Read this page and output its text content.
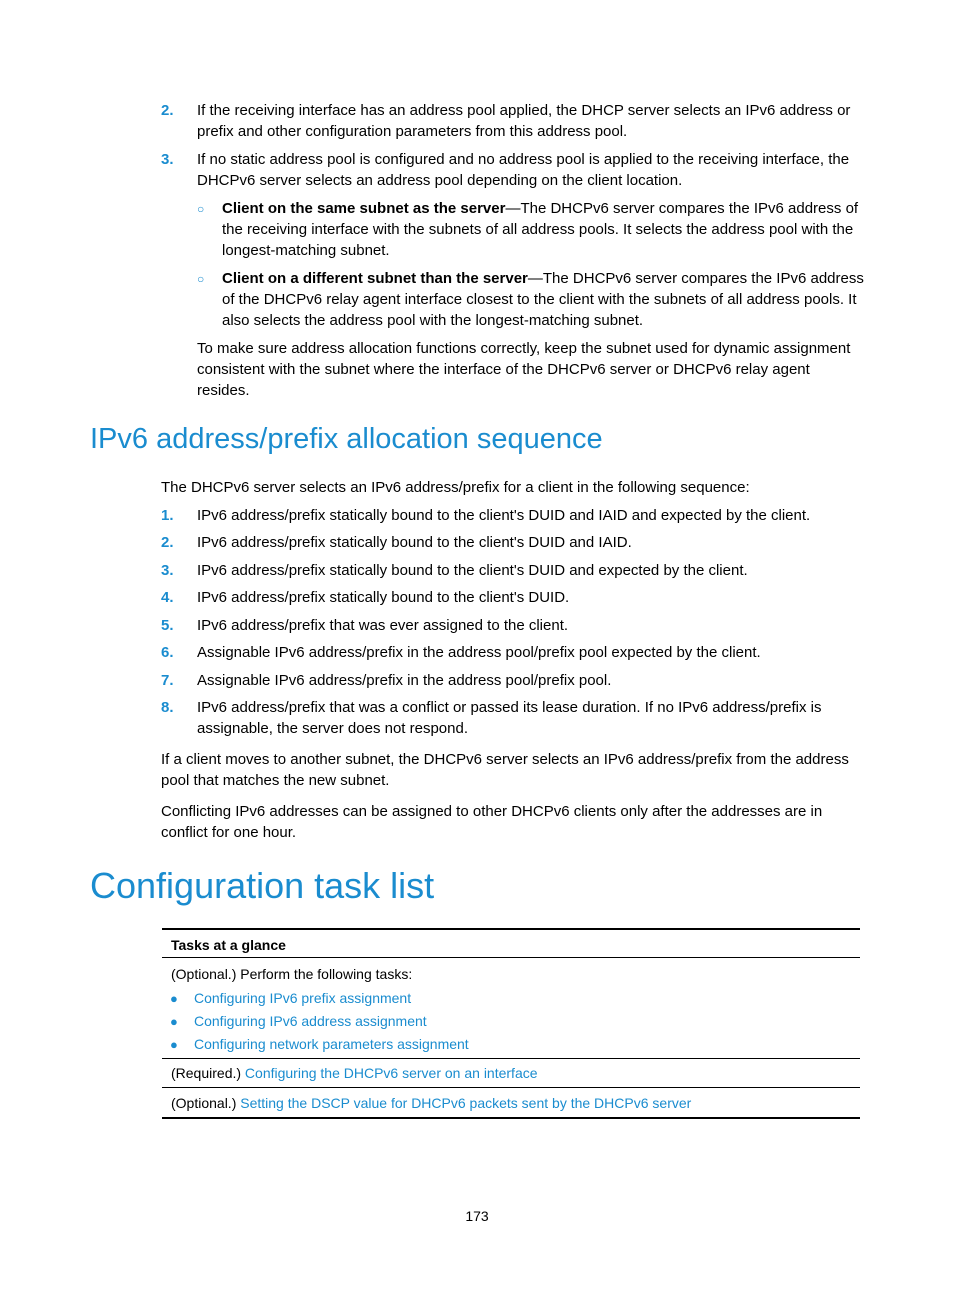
2. If the receiving interface has an address pool applied, the DHCP server selects an IPv6 address or prefix and other configuration parameters from this address pool.
3. If no static address pool is configured and no address pool is applied to the receiving interface, the DHCPv6 server selects an address pool depending on the client location.
○ Client on the same subnet as the server—The DHCPv6 server compares the IPv6 address of the receiving interface with the subnets of all address pools. It selects the address pool with the longest-matching subnet.
○ Client on a different subnet than the server—The DHCPv6 server compares the IPv6 address of the DHCPv6 relay agent interface closest to the client with the subnets of all address pools. It also selects the address pool with the longest-matching subnet.

To make sure address allocation functions correctly, keep the subnet used for dynamic assignment consistent with the subnet where the interface of the DHCPv6 server or DHCPv6 relay agent resides.

IPv6 address/prefix allocation sequence

The DHCPv6 server selects an IPv6 address/prefix for a client in the following sequence:

1. IPv6 address/prefix statically bound to the client's DUID and IAID and expected by the client.
2. IPv6 address/prefix statically bound to the client's DUID and IAID.
3. IPv6 address/prefix statically bound to the client's DUID and expected by the client.
4. IPv6 address/prefix statically bound to the client's DUID.
5. IPv6 address/prefix that was ever assigned to the client.
6. Assignable IPv6 address/prefix in the address pool/prefix pool expected by the client.
7. Assignable IPv6 address/prefix in the address pool/prefix pool.
8. IPv6 address/prefix that was a conflict or passed its lease duration. If no IPv6 address/prefix is assignable, the server does not respond.

If a client moves to another subnet, the DHCPv6 server selects an IPv6 address/prefix from the address pool that matches the new subnet.

Conflicting IPv6 addresses can be assigned to other DHCPv6 clients only after the addresses are in conflict for one hour.

Configuration task list
Tasks at a glance
(Optional.) Perform the following tasks:
● Configuring IPv6 prefix assignment
● Configuring IPv6 address assignment
● Configuring network parameters assignment
(Required.) Configuring the DHCPv6 server on an interface
(Optional.) Setting the DSCP value for DHCPv6 packets sent by the DHCPv6 server
173
